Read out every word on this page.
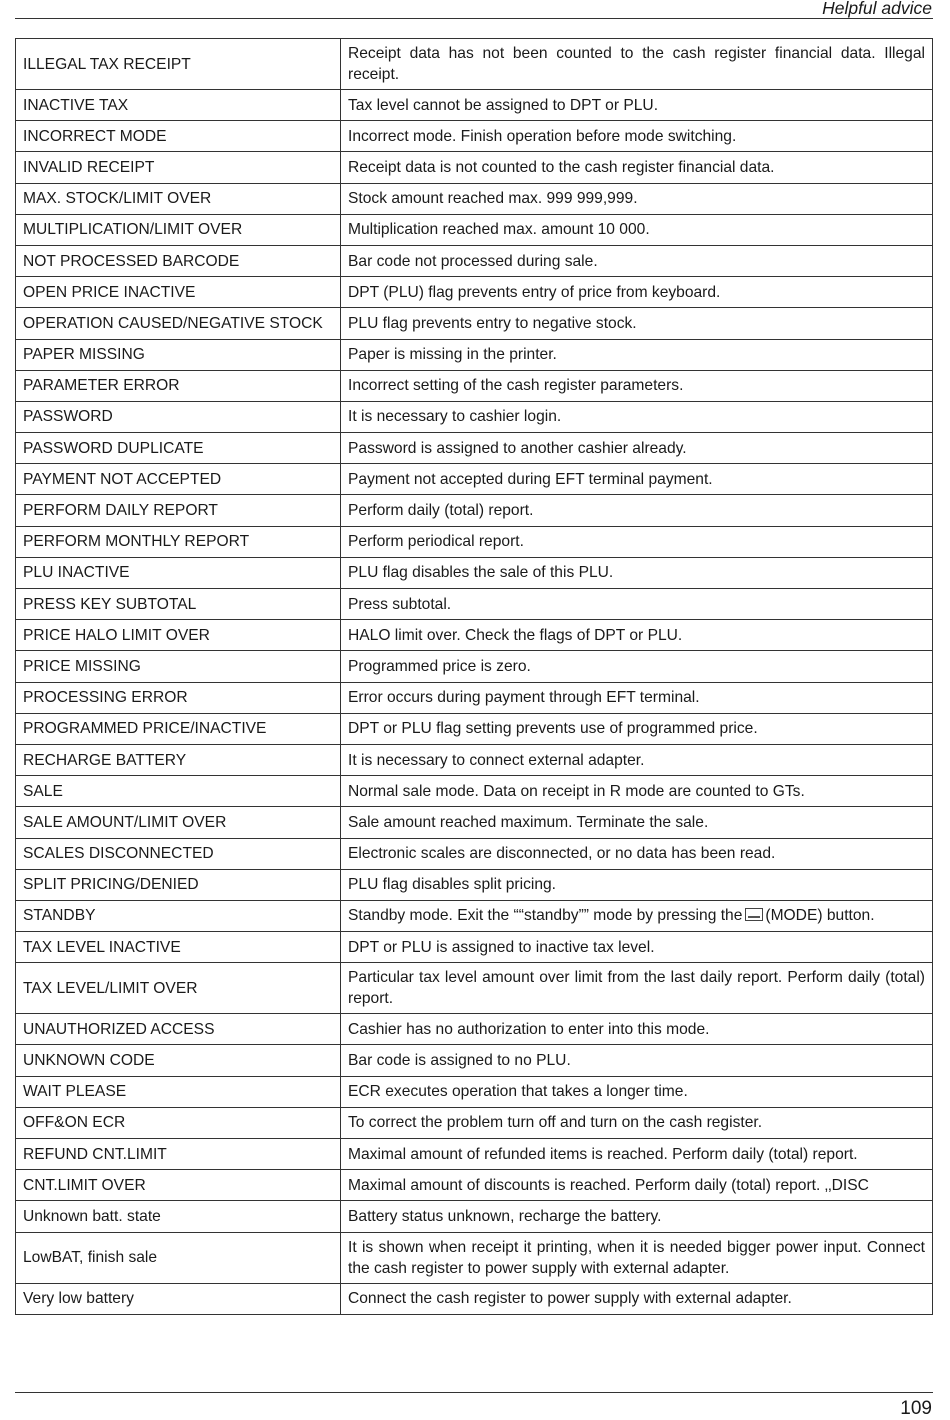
Helpful advice
ILLEGAL TAX RECEIPT	Receipt data has not been counted to the cash register financial data. Illegal receipt.
INACTIVE TAX	Tax level cannot be assigned to DPT or PLU.
INCORRECT MODE	Incorrect mode. Finish operation before mode switching.
INVALID RECEIPT	Receipt data is not counted to the cash register financial data.
MAX. STOCK/LIMIT OVER	Stock amount reached max. 999 999,999.
MULTIPLICATION/LIMIT OVER	Multiplication reached max. amount 10 000.
NOT PROCESSED BARCODE	Bar code not processed during sale.
OPEN PRICE INACTIVE	DPT (PLU) flag prevents entry of price from keyboard.
OPERATION CAUSED/NEGATIVE STOCK	PLU flag prevents entry to negative stock.
PAPER MISSING	Paper is missing in the printer.
PARAMETER ERROR	Incorrect setting of the cash register parameters.
PASSWORD	It is necessary to cashier login.
PASSWORD DUPLICATE	Password is assigned to another cashier already.
PAYMENT NOT ACCEPTED	Payment not accepted during EFT terminal payment.
PERFORM DAILY REPORT	Perform daily (total) report.
PERFORM MONTHLY REPORT	Perform periodical report.
PLU INACTIVE	PLU flag disables the sale of this PLU.
PRESS KEY SUBTOTAL	Press subtotal.
PRICE HALO LIMIT OVER	HALO limit over. Check the flags of DPT or PLU.
PRICE MISSING	Programmed price is zero.
PROCESSING ERROR	Error occurs during payment through EFT terminal.
PROGRAMMED PRICE/INACTIVE	DPT or PLU flag setting prevents use of programmed price.
RECHARGE BATTERY	It is necessary to connect external adapter.
SALE	Normal sale mode. Data on receipt in R mode are counted to GTs.
SALE AMOUNT/LIMIT OVER	Sale amount reached maximum. Terminate the sale.
SCALES DISCONNECTED	Electronic scales are disconnected, or no data has been read.
SPLIT PRICING/DENIED	PLU flag disables split pricing.
STANDBY	Standby mode. Exit the ““standby”” mode by pressing the (MODE) button.
TAX LEVEL INACTIVE	DPT or PLU is assigned to inactive tax level.
TAX LEVEL/LIMIT OVER	Particular tax level amount over limit from the last daily report. Perform daily (total) report.
UNAUTHORIZED ACCESS	Cashier has no authorization to enter into this mode.
UNKNOWN CODE	Bar code is assigned to no PLU.
WAIT PLEASE	ECR executes operation that takes a longer time.
OFF&ON ECR	To correct the problem turn off and turn on the cash register.
REFUND CNT.LIMIT	Maximal amount of refunded items is reached. Perform daily (total) report.
CNT.LIMIT OVER	Maximal amount of discounts is reached. Perform daily (total) report. ‚‚DISC
Unknown batt. state	Battery status unknown, recharge the battery.
LowBAT, finish sale	It is shown when receipt it printing, when it is needed bigger power input. Connect the cash register to power supply with external adapter.
Very low battery	Connect the cash register to power supply with external adapter.
109
